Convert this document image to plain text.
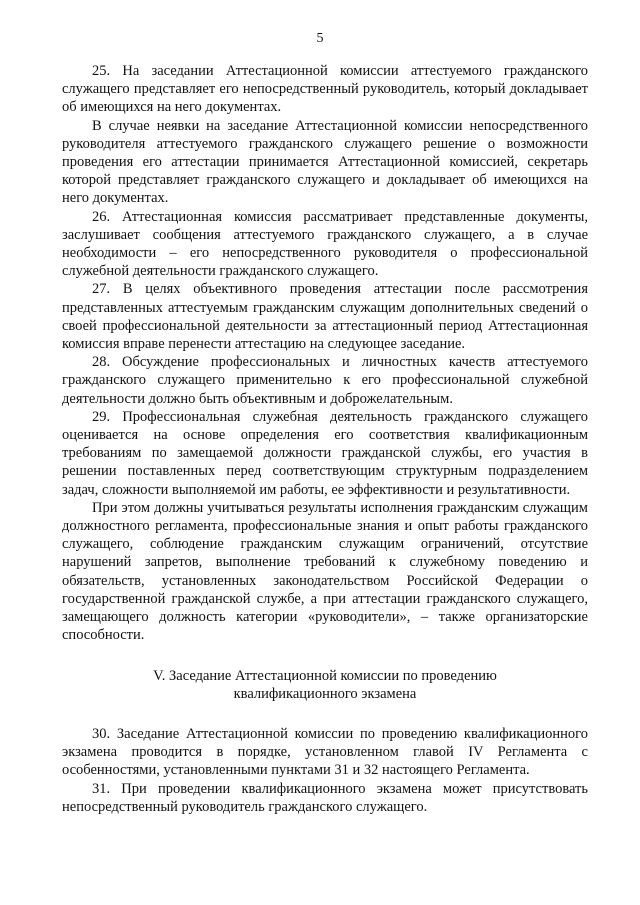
5

25. На заседании Аттестационной комиссии аттестуемого гражданского служащего представляет его непосредственный руководитель, который докладывает об имеющихся на него документах.

В случае неявки на заседание Аттестационной комиссии непосредственного руководителя аттестуемого гражданского служащего решение о возможности проведения его аттестации принимается Аттестационной комиссией, секретарь которой представляет гражданского служащего и докладывает об имеющихся на него документах.

26. Аттестационная комиссия рассматривает представленные документы, заслушивает сообщения аттестуемого гражданского служащего, а в случае необходимости – его непосредственного руководителя о профессиональной служебной деятельности гражданского служащего.

27. В целях объективного проведения аттестации после рассмотрения представленных аттестуемым гражданским служащим дополнительных сведений о своей профессиональной деятельности за аттестационный период Аттестационная комиссия вправе перенести аттестацию на следующее заседание.

28. Обсуждение профессиональных и личностных качеств аттестуемого гражданского служащего применительно к его профессиональной служебной деятельности должно быть объективным и доброжелательным.

29. Профессиональная служебная деятельность гражданского служащего оценивается на основе определения его соответствия квалификационным требованиям по замещаемой должности гражданской службы, его участия в решении поставленных перед соответствующим структурным подразделением задач, сложности выполняемой им работы, ее эффективности и результативности.

При этом должны учитываться результаты исполнения гражданским служащим должностного регламента, профессиональные знания и опыт работы гражданского служащего, соблюдение гражданским служащим ограничений, отсутствие нарушений запретов, выполнение требований к служебному поведению и обязательств, установленных законодательством Российской Федерации о государственной гражданской службе, а при аттестации гражданского служащего, замещающего должность категории «руководители», – также организаторские способности.

V. Заседание Аттестационной комиссии по проведению
квалификационного экзамена

30. Заседание Аттестационной комиссии по проведению квалификационного экзамена проводится в порядке, установленном главой IV Регламента с особенностями, установленными пунктами 31 и 32 настоящего Регламента.

31. При проведении квалификационного экзамена может присутствовать непосредственный руководитель гражданского служащего.
